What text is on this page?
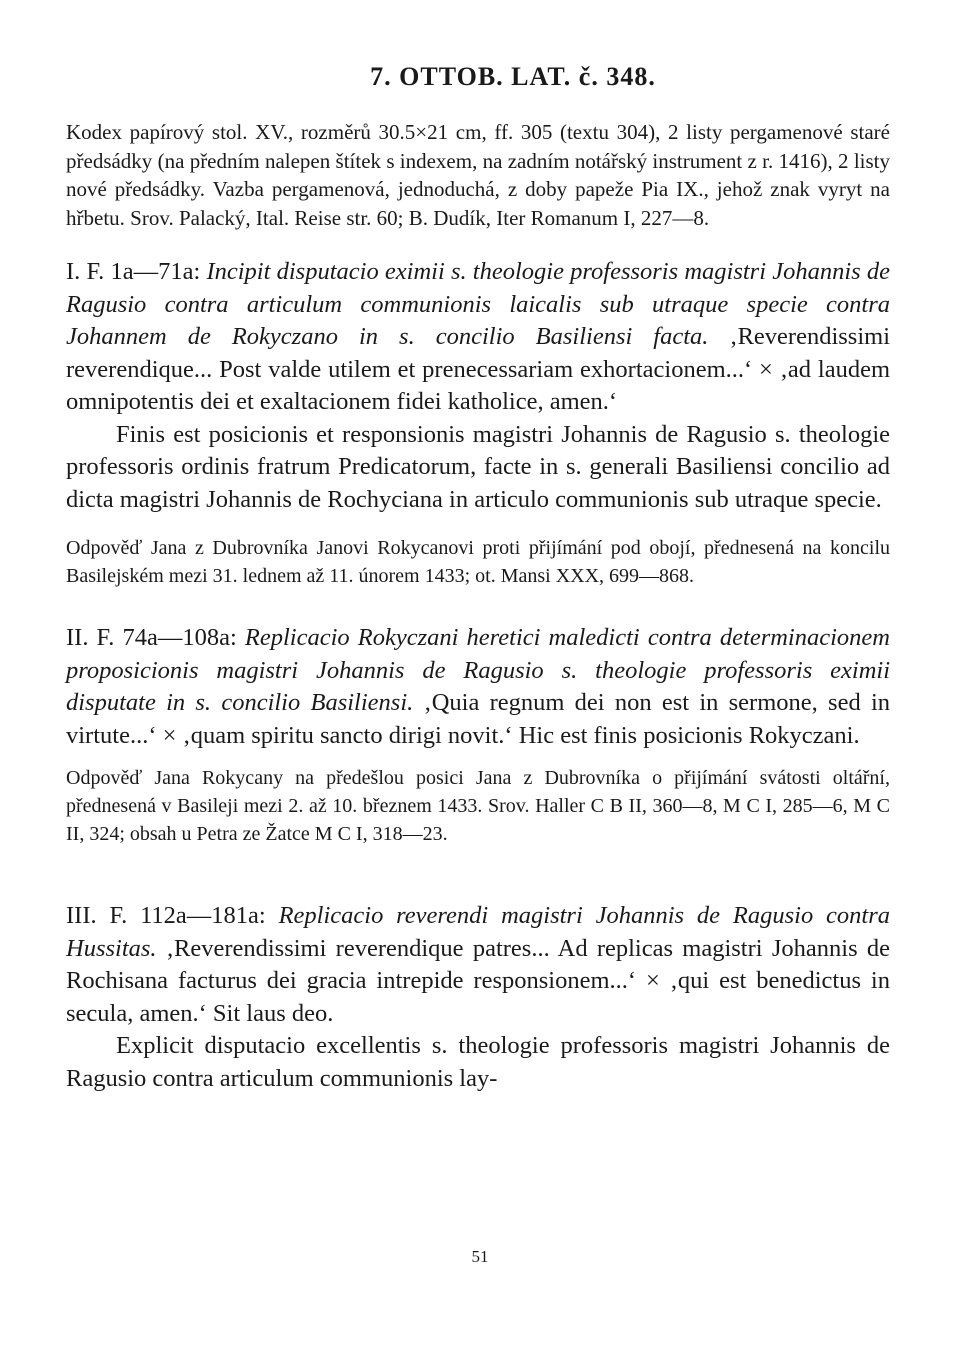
7. OTTOB. LAT. č. 348.

Kodex papírový stol. XV., rozměrů 30.5×21 cm, ff. 305 (textu 304), 2 listy pergamenové staré předsádky (na předním nalepen štítek s indexem, na zadním notářský instrument z r. 1416), 2 listy nové předsádky. Vazba pergamenová, jednoduchá, z doby papeže Pia IX., jehož znak vyryt na hřbetu. Srov. Palacký, Ital. Reise str. 60; B. Dudík, Iter Romanum I, 227—8.

I. F. 1a—71a: Incipit disputacio eximii s. theologie professoris magistri Johannis de Ragusio contra articulum communionis laicalis sub utraque specie contra Johannem de Rokyczano in s. concilio Basiliensi facta. ‚Reverendissimi reverendique... Post valde utilem et prenecessariam exhortacionem...‘ × ‚ad laudem omnipotentis dei et exaltacionem fidei katholice, amen.‘

Finis est posicionis et responsionis magistri Johannis de Ragusio s. theologie professoris ordinis fratrum Predicatorum, facte in s. generali Basiliensi concilio ad dicta magistri Johannis de Rochyciana in articulo communionis sub utraque specie.

Odpověď Jana z Dubrovníka Janovi Rokycanovi proti přijímání pod obojí, přednesená na koncilu Basilejském mezi 31. lednem až 11. únorem 1433; ot. Mansi XXX, 699—868.

II. F. 74a—108a: Replicacio Rokyczani heretici maledicti contra determinacionem proposicionis magistri Johannis de Ragusio s. theologie professoris eximii disputate in s. concilio Basiliensi. ‚Quia regnum dei non est in sermone, sed in virtute...‘ × ‚quam spiritu sancto dirigi novit.‘ Hic est finis posicionis Rokyczani.

Odpověď Jana Rokycany na předešlou posici Jana z Dubrovníka o přijímání svátosti oltářní, přednesená v Basileji mezi 2. až 10. březnem 1433. Srov. Haller C B II, 360—8, M C I, 285—6, M C II, 324; obsah u Petra ze Žatce M C I, 318—23.

III. F. 112a—181a: Replicacio reverendi magistri Johannis de Ragusio contra Hussitas. ‚Reverendissimi reverendique patres... Ad replicas magistri Johannis de Rochisana facturus dei gracia intrepide responsionem...‘ × ‚qui est benedictus in secula, amen.‘ Sit laus deo.

Explicit disputacio excellentis s. theologie professoris magistri Johannis de Ragusio contra articulum communionis lay-

51
